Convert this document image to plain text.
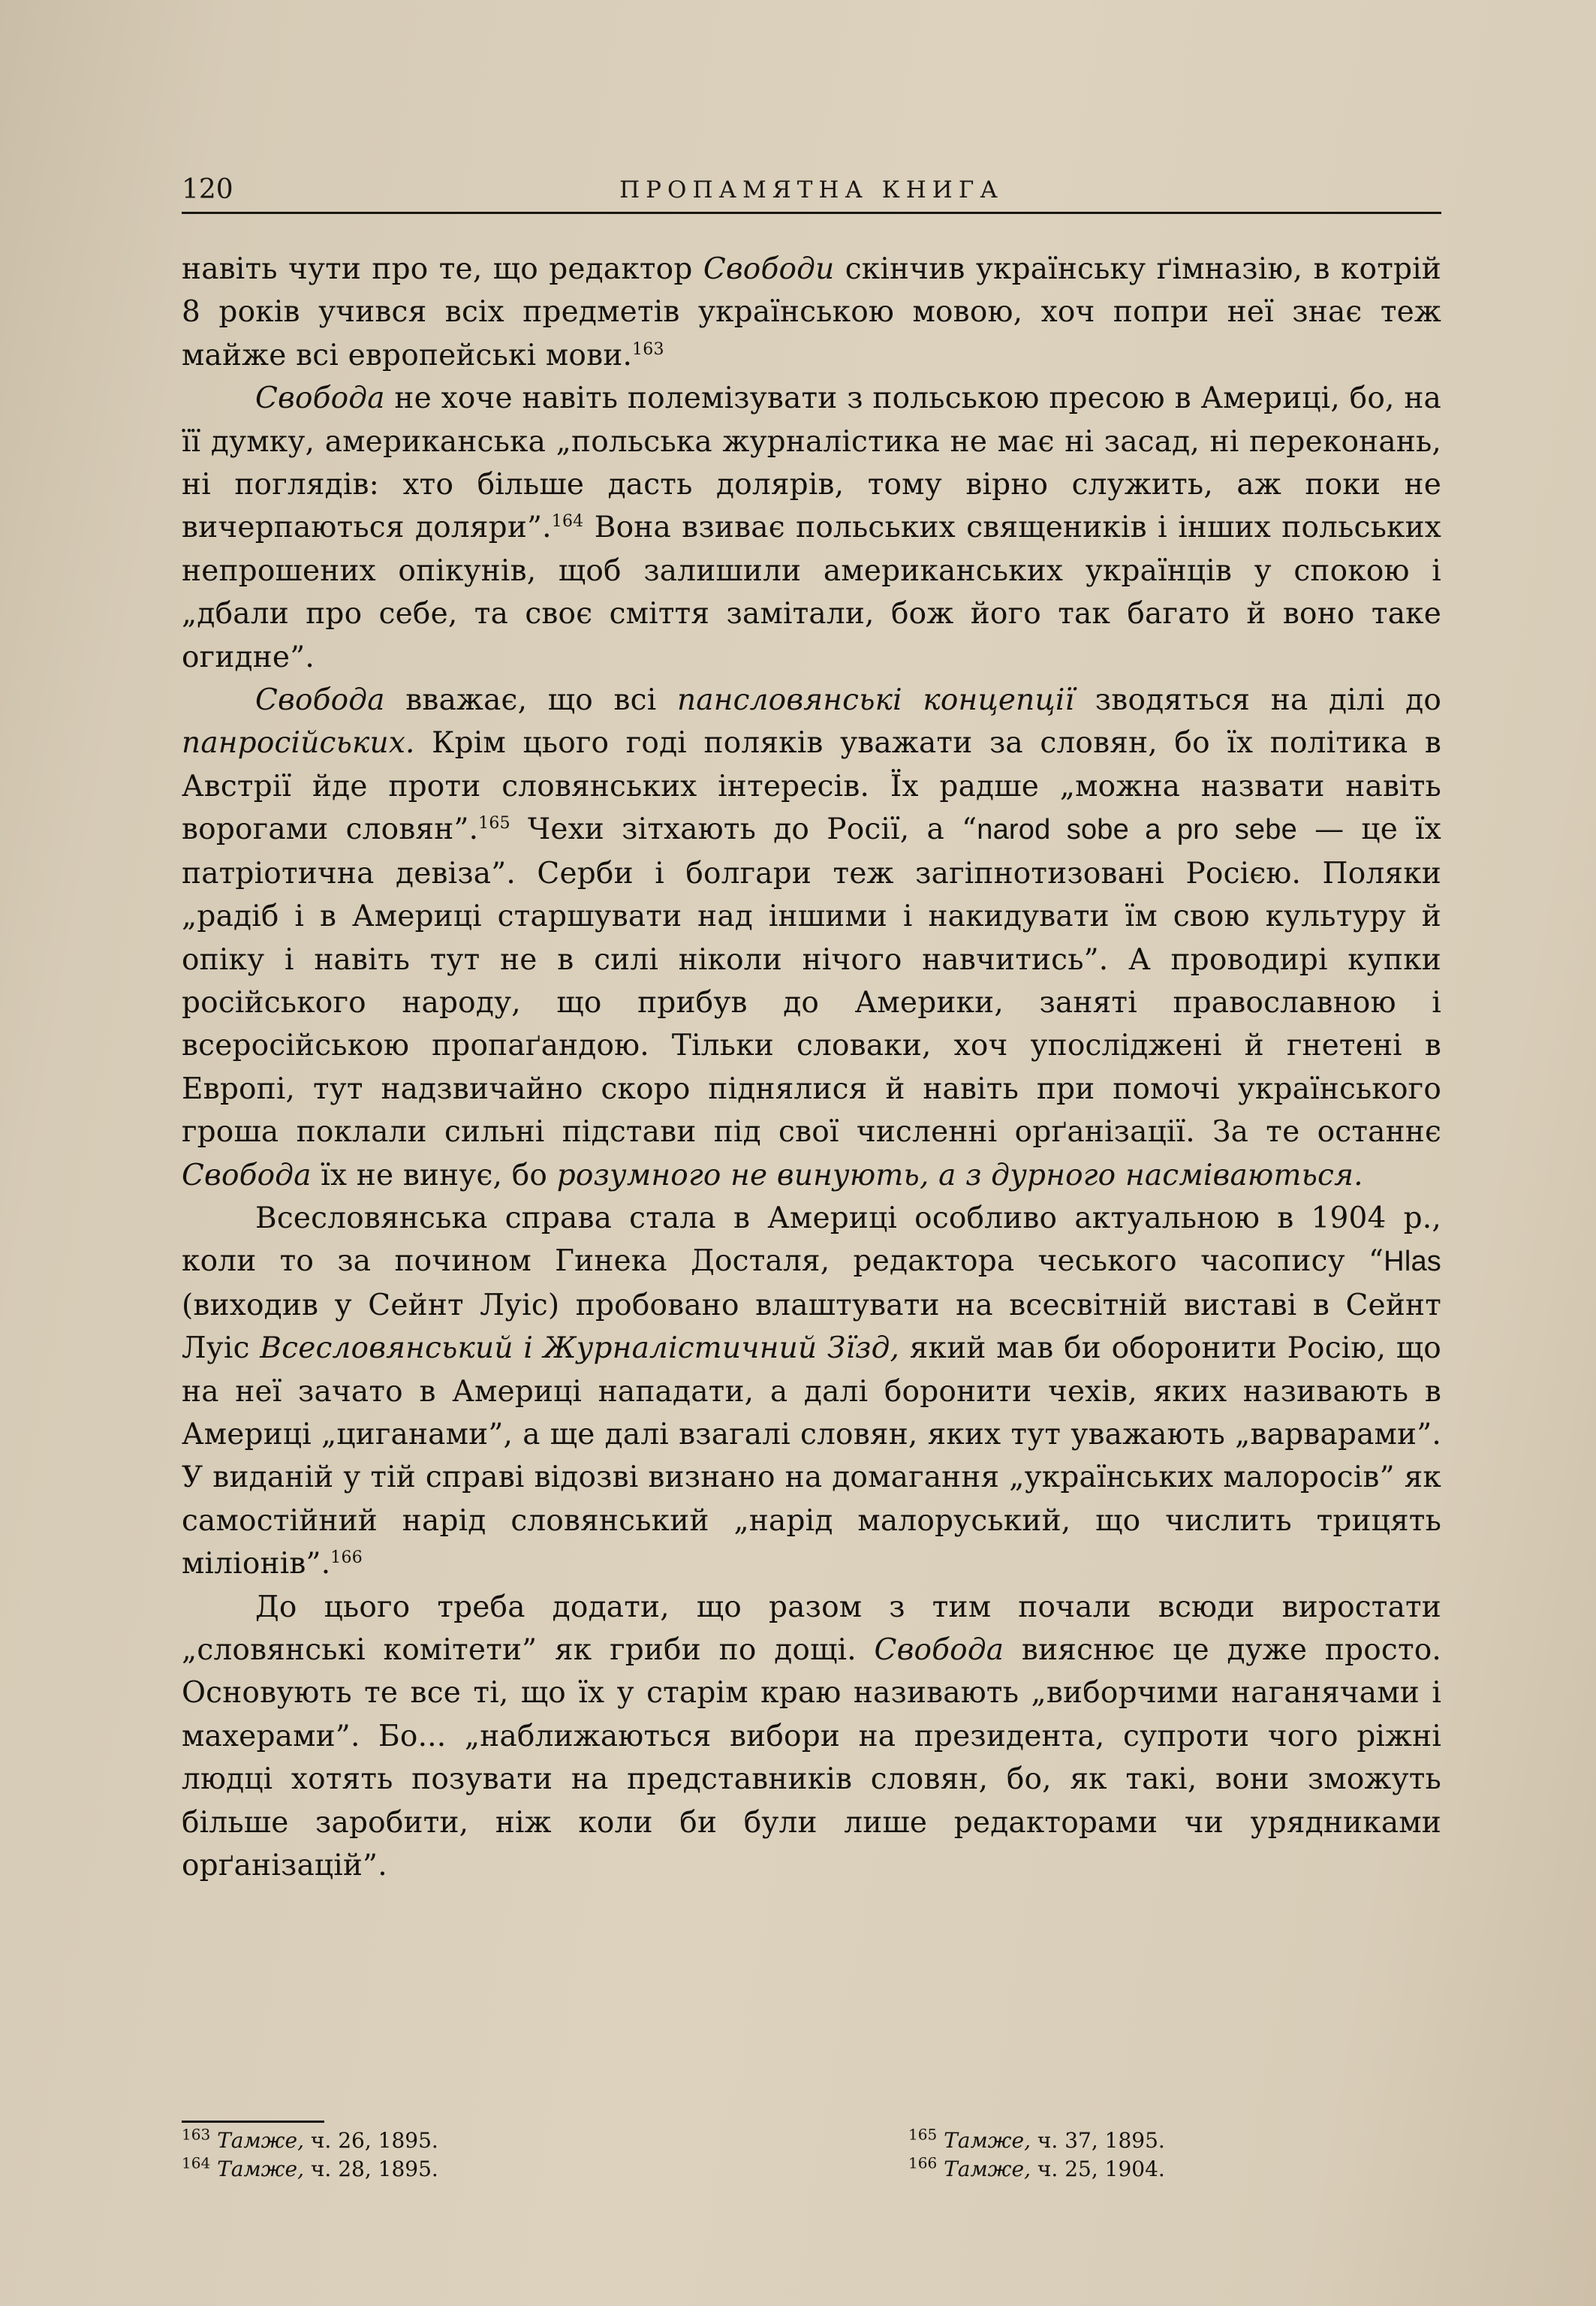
120	ПРОПАМЯТНА КНИГА

навіть чути про те, що редактор Свободи скінчив українську ґімназію, в котрій 8 років учився всіх предметів українською мовою, хоч попри неї знає теж майже всі европейські мови.$^{163}$

Свобода не хоче навіть полемізувати з польською пресою в Америці, бо, на її думку, американська „польська журналістика не має ні засад, ні переконань, ні поглядів: хто більше дасть долярів, тому вірно служить, аж поки не вичерпаються доляри”.$^{164}$ Вона взиває польських священиків і інших польських непрошених опікунів, щоб залишили американських українців у спокою і „дбали про себе, та своє сміття замітали, бож його так багато й воно таке огидне”.

Свобода вважає, що всі пансловянські концепції зводяться на ділі до панросійських. Крім цього годі поляків уважати за словян, бо їх політика в Австрії йде проти словянських інтересів. Їх радше „можна назвати навіть ворогами словян”.$^{165}$ Чехи зітхають до Росії, а “narod sobe a pro sebe — це їх патріотична девіза”. Серби і болгари теж загіпнотизовані Росією. Поляки „радіб і в Америці старшувати над іншими і накидувати їм свою культуру й опіку і навіть тут не в силі ніколи нічого навчитись”. А проводирі купки російського народу, що прибув до Америки, заняті православною і всеросійською пропаґандою. Тільки словаки, хоч упосліджені й гнетені в Европі, тут надзвичайно скоро піднялися й навіть при помочі українського гроша поклали сильні підстави під свої численні орґанізації. За те останнє Свобода їх не винує, бо розумного не винують, а з дурного насміваються.

Всесловянська справа стала в Америці особливо актуальною в 1904 р., коли то за почином Гинека Досталя, редактора чеського часопису “Hlas (виходив у Сейнт Луіс) пробовано влаштувати на всесвітній виставі в Сейнт Луіс Всесловянський і Журналістичний Зїзд, який мав би оборонити Росію, що на неї зачато в Америці нападати, а далі боронити чехів, яких називають в Америці „циганами”, а ще далі взагалі словян, яких тут уважають „варварами”. У виданій у тій справі відозві визнано на домагання „українських малоросів” як самостійний нарід словянський „нарід малоруський, що числить трицять міліонів”.$^{166}$

До цього треба додати, що разом з тим почали всюди виростати „словянські комітети” як гриби по дощі. Свобода вияснює це дуже просто. Основують те все ті, що їх у старім краю називають „виборчими наганячами і махерами”. Бо... „наближаються вибори на президента, супроти чого ріжні людці хотять позувати на представників словян, бо, як такі, вони зможуть більше заробити, ніж коли би були лише редакторами чи урядниками орґанізацій”.

$^{163}$ Тамже, ч. 26, 1895.
$^{164}$ Тамже, ч. 28, 1895.
$^{165}$ Тамже, ч. 37, 1895.
$^{166}$ Тамже, ч. 25, 1904.
